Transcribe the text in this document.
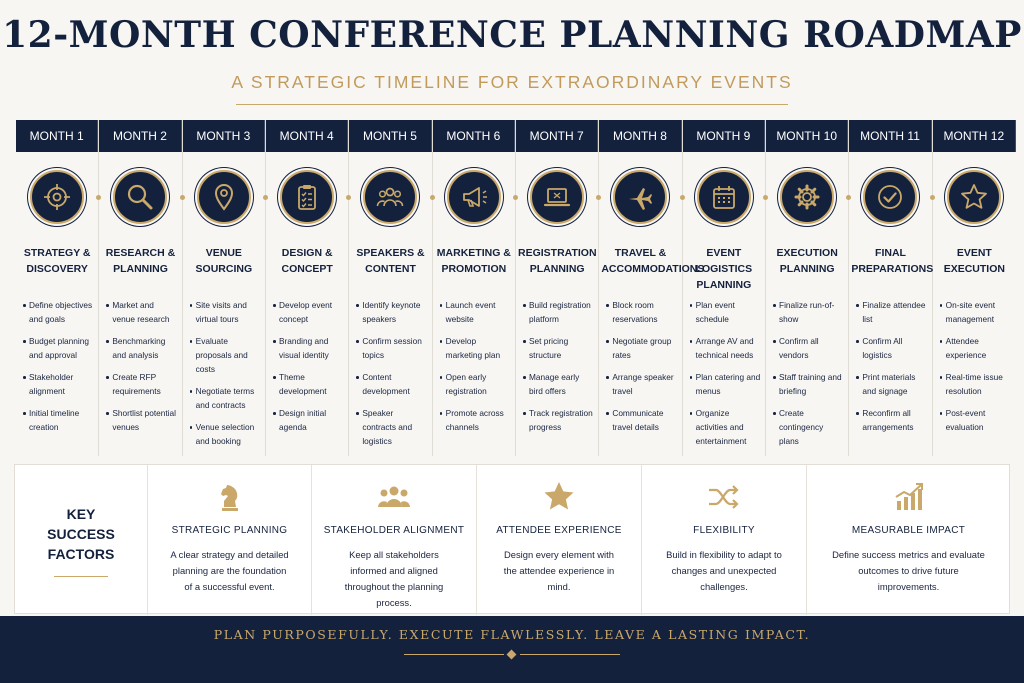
12-MONTH CONFERENCE PLANNING ROADMAP
A STRATEGIC TIMELINE FOR EXTRAORDINARY EVENTS
MONTH 1
STRATEGY &
DISCOVERY
Define objectives and goals
Budget planning and approval
Stakeholder alignment
Initial timeline creation
MONTH 2
RESEARCH &
PLANNING
Market and venue research
Benchmarking and analysis
Create RFP requirements
Shortlist potential venues
MONTH 3
VENUE
SOURCING
Site visits and virtual tours
Evaluate proposals and costs
Negotiate terms and contracts
Venue selection and booking
MONTH 4
DESIGN &
CONCEPT
Develop event concept
Branding and visual identity
Theme development
Design initial agenda
MONTH 5
SPEAKERS &
CONTENT
Identify keynote speakers
Confirm session topics
Content development
Speaker contracts and logistics
MONTH 6
MARKETING &
PROMOTION
Launch event website
Develop marketing plan
Open early registration
Promote across channels
MONTH 7
REGISTRATION
PLANNING
Build registration platform
Set pricing structure
Manage early bird offers
Track registration progress
MONTH 8
TRAVEL &
ACCOMMODATIONS
Block room reservations
Negotiate group rates
Arrange speaker travel
Communicate travel details
MONTH 9
EVENT LOGISTICS
PLANNING
Plan event schedule
Arrange AV and technical needs
Plan catering and menus
Organize activities and entertainment
MONTH 10
EXECUTION
PLANNING
Finalize run-of-show
Confirm all vendors
Staff training and briefing
Create contingency plans
MONTH 11
FINAL
PREPARATIONS
Finalize attendee list
Confirm All logistics
Print materials and signage
Reconfirm all arrangements
MONTH 12
EVENT
EXECUTION
On-site event management
Attendee experience
Real-time issue resolution
Post-event evaluation
KEY SUCCESS FACTORS
STRATEGIC PLANNING
A clear strategy and detailed planning are the foundation of a successful event.
STAKEHOLDER ALIGNMENT
Keep all stakeholders informed and aligned throughout the planning process.
ATTENDEE EXPERIENCE
Design every element with the attendee experience in mind.
FLEXIBILITY
Build in flexibility to adapt to changes and unexpected challenges.
MEASURABLE IMPACT
Define success metrics and evaluate outcomes to drive future improvements.
PLAN PURPOSEFULLY. EXECUTE FLAWLESSLY. LEAVE A LASTING IMPACT.
